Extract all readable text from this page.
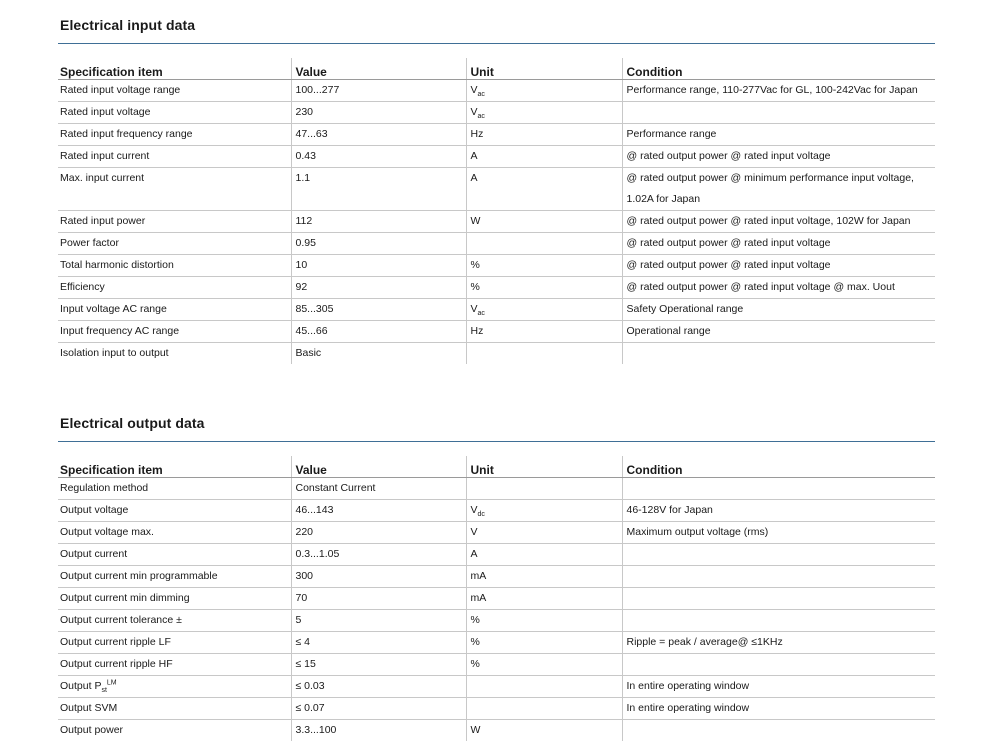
Electrical input data
Specification item	Value	Unit	Condition
Rated input voltage range	100...277	$V_{ac}$	Performance range, 110-277Vac for GL, 100-242Vac for Japan
Rated input voltage	230	$V_{ac}$	
Rated input frequency range	47...63	Hz	Performance range
Rated input current	0.43	A	@ rated output power @ rated input voltage
Max. input current	1.1	A	@ rated output power @ minimum performance input voltage,
1.02A for Japan
Rated input power	112	W	@ rated output power @ rated input voltage, 102W for Japan
Power factor	0.95		@ rated output power @ rated input voltage
Total harmonic distortion	10	%	@ rated output power @ rated input voltage
Efficiency	92	%	@ rated output power @ rated input voltage @ max. Uout
Input voltage AC range	85...305	$V_{ac}$	Safety Operational range
Input frequency AC range	45...66	Hz	Operational range
Isolation input to output	Basic		
Electrical output data
Specification item	Value	Unit	Condition
Regulation method	Constant Current		
Output voltage	46...143	$V_{dc}$	46-128V for Japan
Output voltage max.	220	V	Maximum output voltage (rms)
Output current	0.3...1.05	A	
Output current min programmable	300	mA	
Output current min dimming	70	mA	
Output current tolerance ±	5	%	
Output current ripple LF	≤ 4	%	Ripple = peak / average@ ≤1KHz
Output current ripple HF	≤ 15	%	
Output $P_{st}^{LM}$	≤ 0.03		In entire operating window
Output SVM	≤ 0.07		In entire operating window
Output power	3.3...100	W	
